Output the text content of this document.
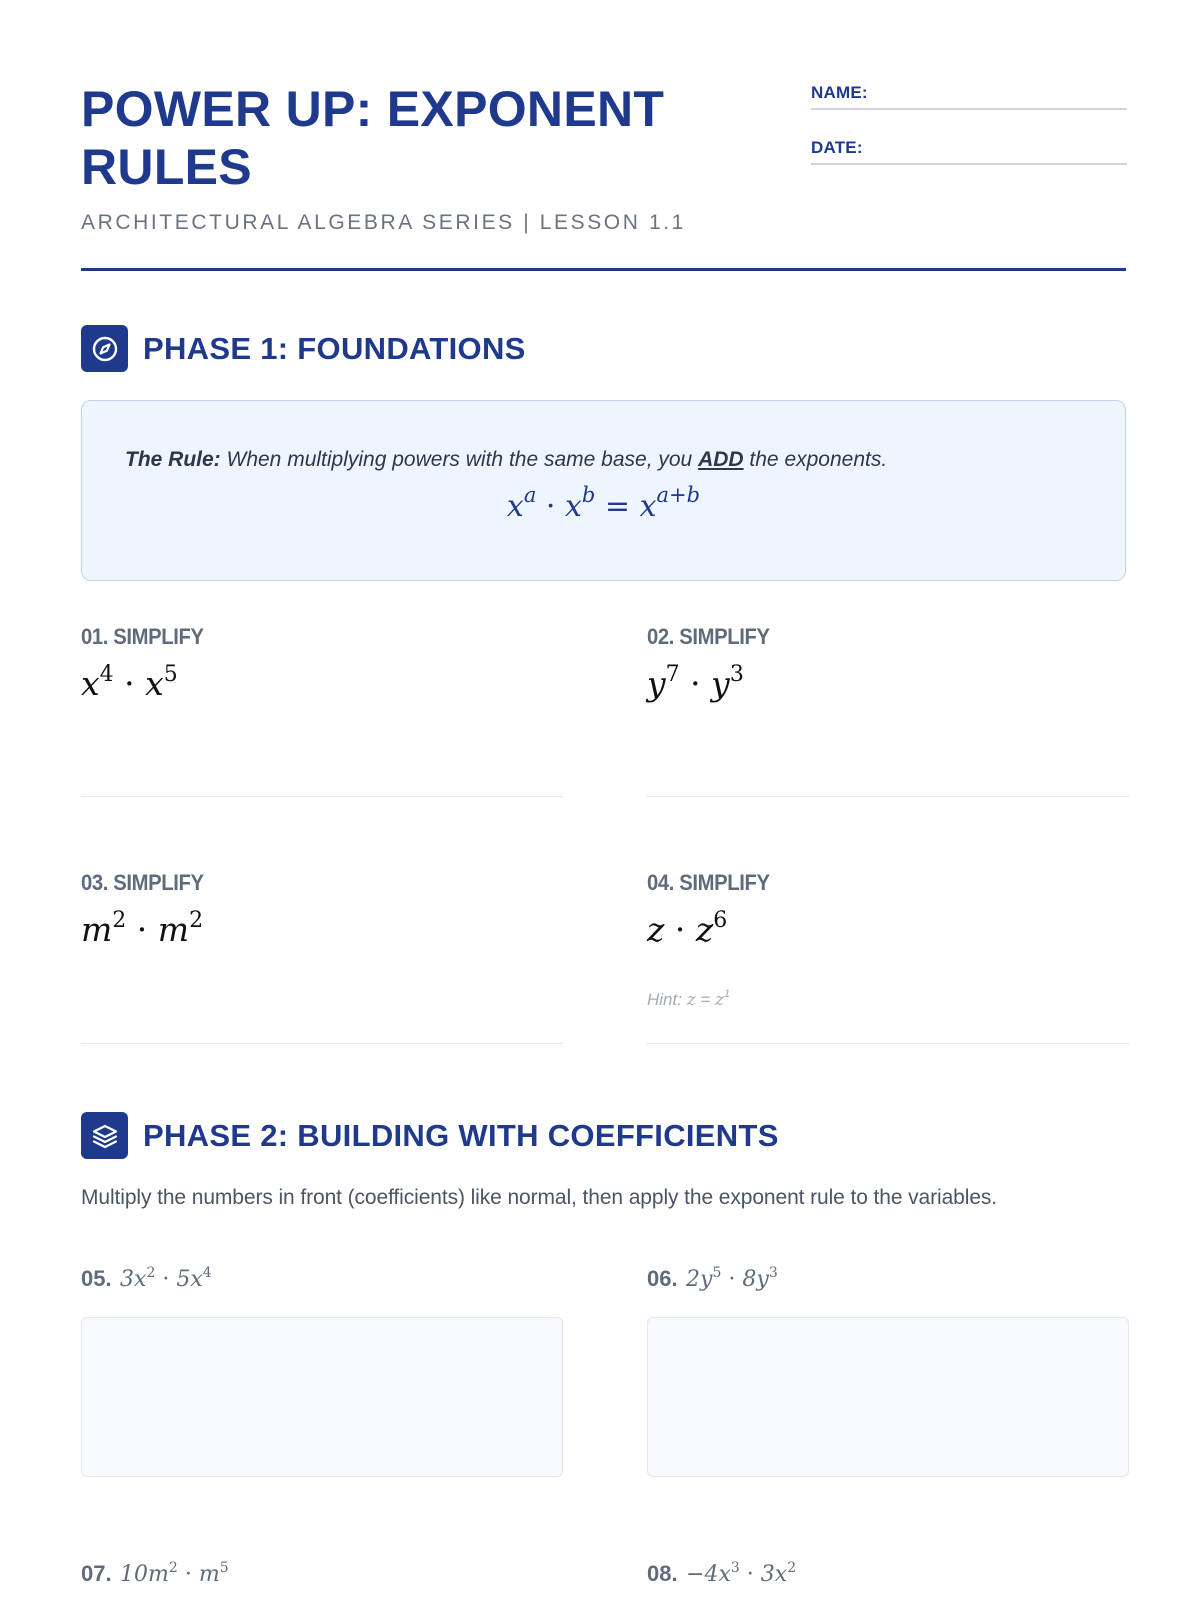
POWER UP: EXPONENT RULES

ARCHITECTURAL ALGEBRA SERIES | LESSON 1.1

NAME:
DATE:
PHASE 1: FOUNDATIONS
The Rule: When multiplying powers with the same base, you ADD the exponents.
$x^a \cdot x^b = x^{a+b}$
01. SIMPLIFY
$x^4 \cdot x^5$
02. SIMPLIFY
$y^7 \cdot y^3$
03. SIMPLIFY
$m^2 \cdot m^2$
04. SIMPLIFY
$z \cdot z^6$
Hint: $z = z^1$
PHASE 2: BUILDING WITH COEFFICIENTS
Multiply the numbers in front (coefficients) like normal, then apply the exponent rule to the variables.
05. $3x^2 \cdot 5x^4$	06. $2y^5 \cdot 8y^3$
07. $10m^2 \cdot m^5$	08. $-4x^3 \cdot 3x^2$
